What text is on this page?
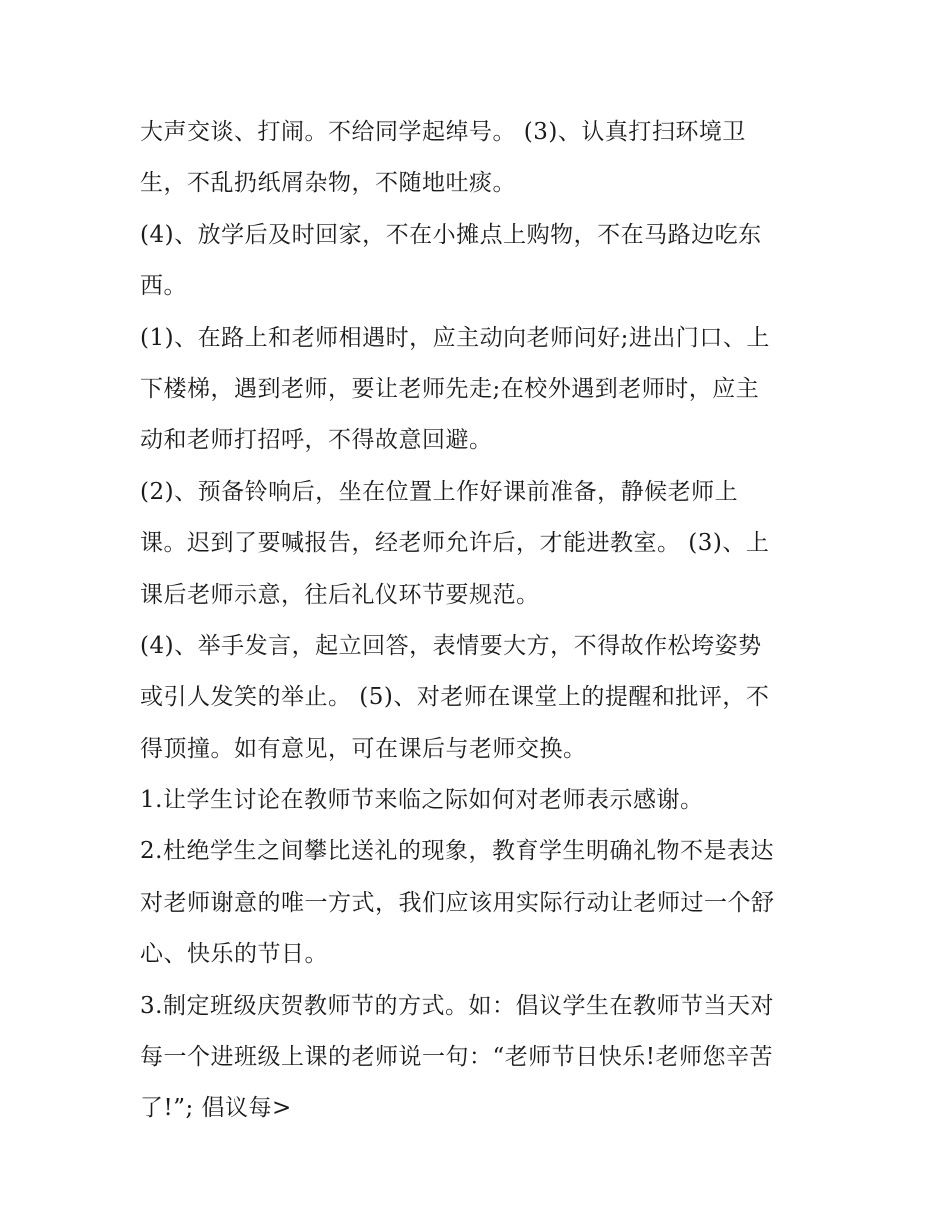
大声交谈、打闹。不给同学起绰号。 (3)、认真打扫环境卫
生，不乱扔纸屑杂物，不随地吐痰。
(4)、放学后及时回家，不在小摊点上购物，不在马路边吃东
西。
(1)、在路上和老师相遇时，应主动向老师问好;进出门口、上
下楼梯，遇到老师，要让老师先走;在校外遇到老师时，应主
动和老师打招呼，不得故意回避。
(2)、预备铃响后，坐在位置上作好课前准备，静候老师上
课。迟到了要喊报告，经老师允许后，才能进教室。 (3)、上
课后老师示意，往后礼仪环节要规范。
(4)、举手发言，起立回答，表情要大方，不得故作松垮姿势
或引人发笑的举止。 (5)、对老师在课堂上的提醒和批评，不
得顶撞。如有意见，可在课后与老师交换。
1.让学生讨论在教师节来临之际如何对老师表示感谢。
2.杜绝学生之间攀比送礼的现象，教育学生明确礼物不是表达
对老师谢意的唯一方式，我们应该用实际行动让老师过一个舒
心、快乐的节日。
3.制定班级庆贺教师节的方式。如：倡议学生在教师节当天对
每一个进班级上课的老师说一句：“老师节日快乐!老师您辛苦
了!”; 倡议每>
